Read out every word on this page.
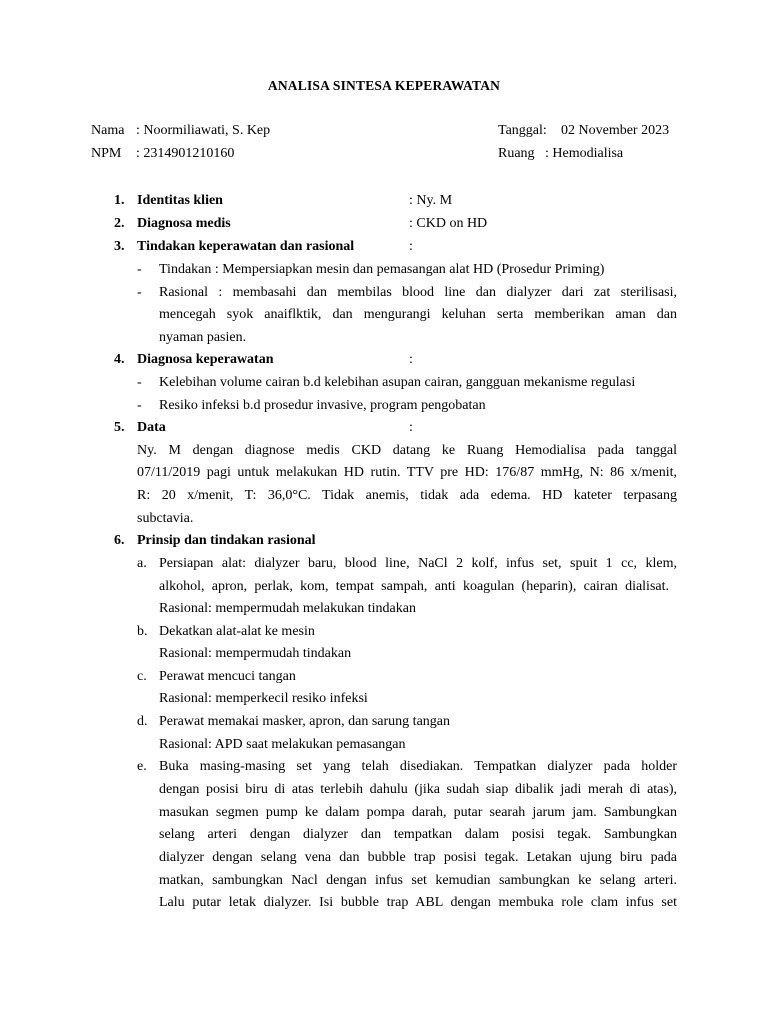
ANALISA SINTESA KEPERAWATAN
Nama : Noormiliawati, S. Kep	Tanggal: 02 November 2023
NPM : 2314901210160	Ruang : Hemodialisa
1. Identitas klien	: Ny. M
2. Diagnosa medis	: CKD on HD
3. Tindakan keperawatan dan rasional	:
- Tindakan : Mempersiapkan mesin dan pemasangan alat HD (Prosedur Priming)
- Rasional : membasahi dan membilas blood line dan dialyzer dari zat sterilisasi,
mencegah syok anaiflktik, dan mengurangi keluhan serta memberikan aman dan
nyaman pasien.
4. Diagnosa keperawatan	:
- Kelebihan volume cairan b.d kelebihan asupan cairan, gangguan mekanisme regulasi
- Resiko infeksi b.d prosedur invasive, program pengobatan
5. Data	:
Ny. M dengan diagnose medis CKD datang ke Ruang Hemodialisa pada tanggal
07/11/2019 pagi untuk melakukan HD rutin. TTV pre HD: 176/87 mmHg, N: 86 x/menit,
R: 20 x/menit, T: 36,0°C. Tidak anemis, tidak ada edema. HD kateter terpasang
subctavia.
6. Prinsip dan tindakan rasional
a. Persiapan alat: dialyzer baru, blood line, NaCl 2 kolf, infus set, spuit 1 cc, klem,
alkohol, apron, perlak, kom, tempat sampah, anti koagulan (heparin), cairan dialisat.
Rasional: mempermudah melakukan tindakan
b. Dekatkan alat-alat ke mesin
Rasional: mempermudah tindakan
c. Perawat mencuci tangan
Rasional: memperkecil resiko infeksi
d. Perawat memakai masker, apron, dan sarung tangan
Rasional: APD saat melakukan pemasangan
e. Buka masing-masing set yang telah disediakan. Tempatkan dialyzer pada holder
dengan posisi biru di atas terlebih dahulu (jika sudah siap dibalik jadi merah di atas),
masukan segmen pump ke dalam pompa darah, putar searah jarum jam. Sambungkan
selang arteri dengan dialyzer dan tempatkan dalam posisi tegak. Sambungkan
dialyzer dengan selang vena dan bubble trap posisi tegak. Letakan ujung biru pada
matkan, sambungkan Nacl dengan infus set kemudian sambungkan ke selang arteri.
Lalu putar letak dialyzer. Isi bubble trap ABL dengan membuka role clam infus set
